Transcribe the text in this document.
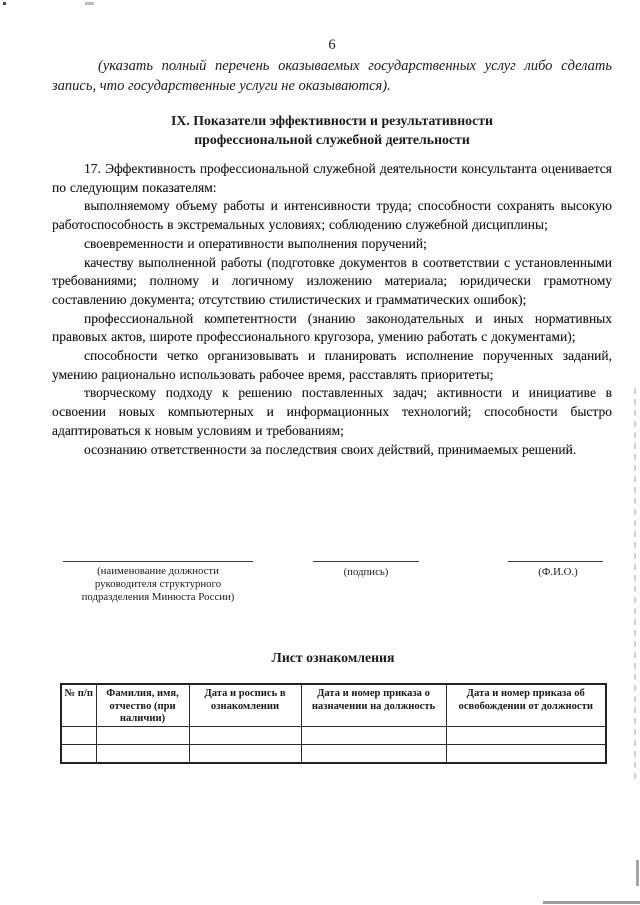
6
(указать полный перечень оказываемых государственных услуг либо сделать запись, что государственные услуги не оказываются).
IX. Показатели эффективности и результативности
профессиональной служебной деятельности

17. Эффективность профессиональной служебной деятельности консультанта оценивается по следующим показателям:

выполняемому объему работы и интенсивности труда; способности сохранять высокую работоспособность в экстремальных условиях; соблюдению служебной дисциплины;

своевременности и оперативности выполнения поручений;

качеству выполненной работы (подготовке документов в соответствии с установленными требованиями; полному и логичному изложению материала; юридически грамотному составлению документа; отсутствию стилистических и грамматических ошибок);

профессиональной компетентности (знанию законодательных и иных нормативных правовых актов, широте профессионального кругозора, умению работать с документами);

способности четко организовывать и планировать исполнение порученных заданий, умению рационально использовать рабочее время, расставлять приоритеты;

творческому подходу к решению поставленных задач; активности и инициативе в освоении новых компьютерных и информационных технологий; способности быстро адаптироваться к новым условиям и требованиям;

осознанию ответственности за последствия своих действий, принимаемых решений.

(наименование должности руководителя структурного подразделения Минюста России)
(подпись)	(Ф.И.О.)
Лист ознакомления
№ п/п	Фамилия, имя, отчество (при наличии)	Дата и роспись в ознакомлении	Дата и номер приказа о назначении на должность	Дата и номер приказа об освобождении от должности
